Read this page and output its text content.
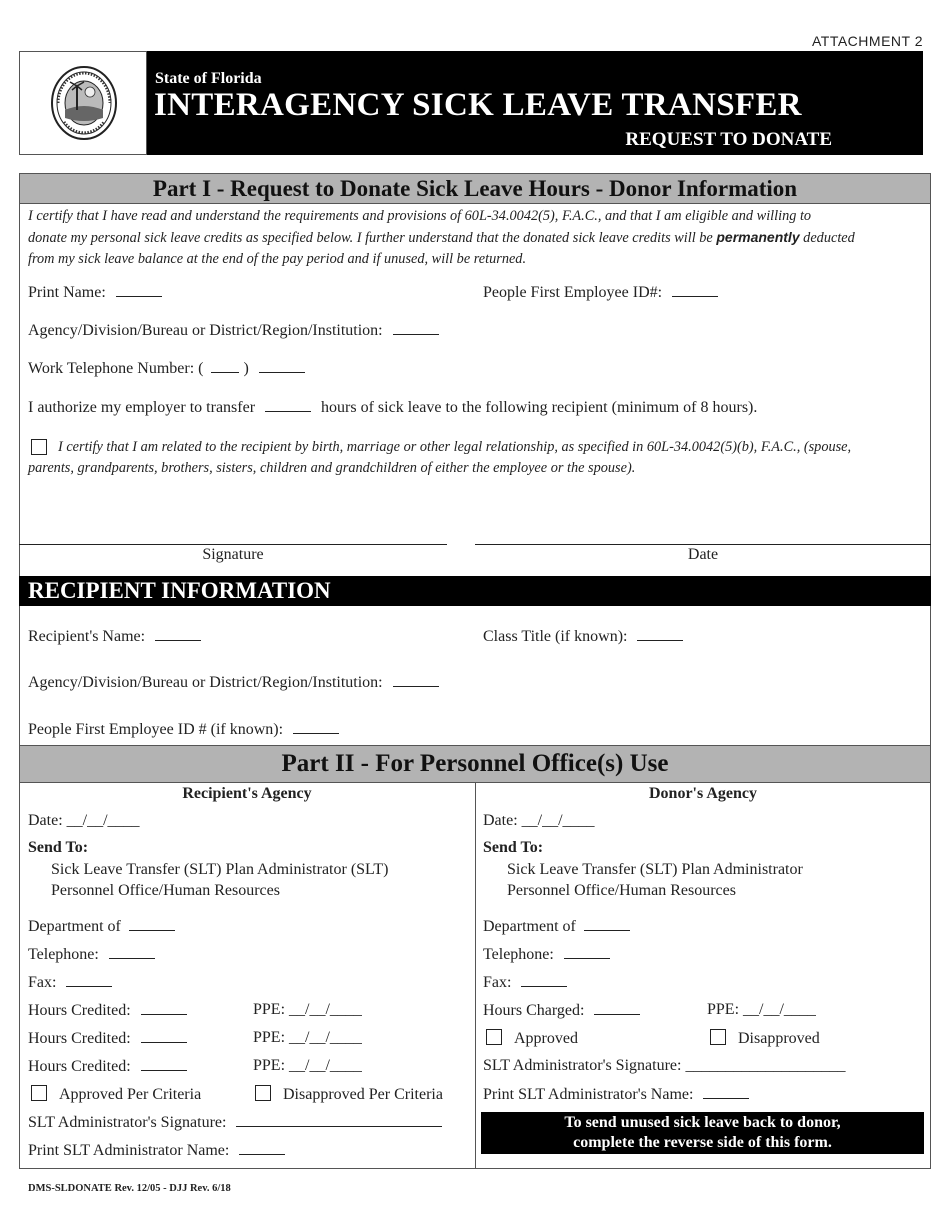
ATTACHMENT 2
State of Florida
INTERAGENCY SICK LEAVE TRANSFER
REQUEST TO DONATE
Part I - Request to Donate Sick Leave Hours - Donor Information
I certify that I have read and understand the requirements and provisions of 60L-34.0042(5), F.A.C., and that I am eligible and willing to
donate my personal sick leave credits as specified below. I further understand that the donated sick leave credits will be permanently deducted
from my sick leave balance at the end of the pay period and if unused, will be returned.
Print Name:	People First Employee ID#:
Agency/Division/Bureau or District/Region/Institution:
Work Telephone Number: (	)
I authorize my employer to transfer	hours of sick leave to the following recipient (minimum of 8 hours).
I certify that I am related to the recipient by birth, marriage or other legal relationship, as specified in 60L-34.0042(5)(b), F.A.C., (spouse,
parents, grandparents, brothers, sisters, children and grandchildren of either the employee or the spouse).
Signature	Date
RECIPIENT INFORMATION
Recipient's Name:	Class Title (if known):
Agency/Division/Bureau or District/Region/Institution:
People First Employee ID # (if known):
Part II - For Personnel Office(s) Use
Recipient's Agency
Date: __/__/____
Send To:
Sick Leave Transfer (SLT) Plan Administrator (SLT)
Personnel Office/Human Resources
Department of
Telephone:
Fax:
Hours Credited:	PPE: __/__/____
Hours Credited:	PPE: __/__/____
Hours Credited:	PPE: __/__/____
Approved Per Criteria	Disapproved Per Criteria
SLT Administrator's Signature:
Print SLT Administrator Name:
Donor's Agency
Date: __/__/____
Send To:
Sick Leave Transfer (SLT) Plan Administrator
Personnel Office/Human Resources
Department of
Telephone:
Fax:
Hours Charged:	PPE: __/__/____
Approved	Disapproved
SLT Administrator's Signature: ____________________
Print SLT Administrator's Name:
To send unused sick leave back to donor,
complete the reverse side of this form.
DMS-SLDONATE Rev. 12/05 - DJJ Rev. 6/18
